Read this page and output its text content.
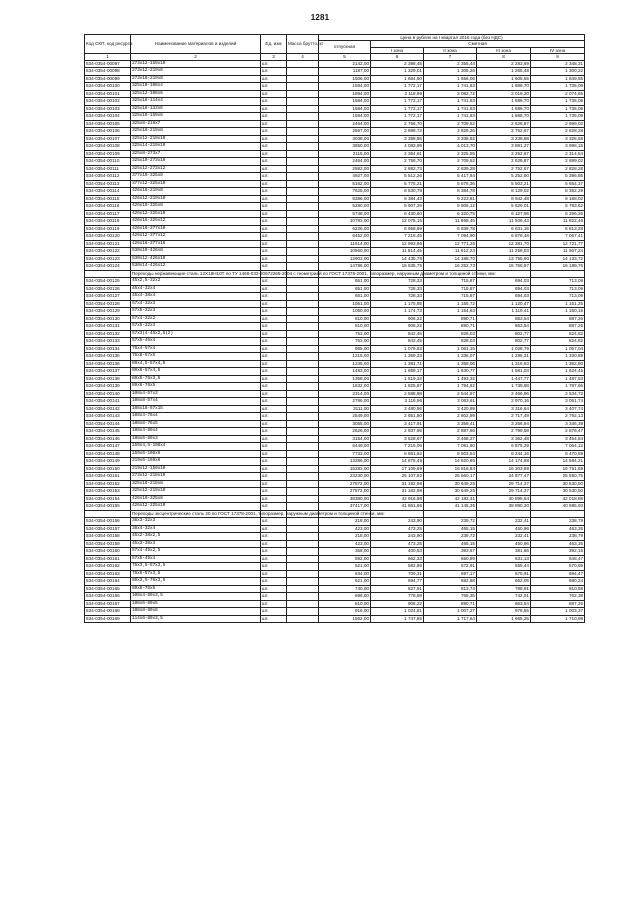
1281
Код СКП, код ресурса	Наименование материалов и изделий	Ед. изм	Масса брутто, кг	Цена в рублях на I квартал 2016 года (без НДС)				
				отпускная	Сметная			
					I зона	II зона	III зона	IV зона
1	2	3	4	5	6	7	8	9
534-0354-00097	273x12-159x10	шт.		2142,00	2 398,45	2 355,44	2 283,69	2 348,31
534-0354-00098	273x12-219x6	шт.		1187,00	1 329,01	1 305,26	1 265,48	1 300,22
534-0354-00099	273x10-219x8	шт.		1506,00	1 684,90	1 656,06	1 605,55	1 649,55
534-0354-00100	325x10-108x4	шт.		1584,00	1 772,17	1 741,83	1 688,70	1 735,09
534-0354-00101	325x12-108x6	шт.		1894,00	2 118,99	2 082,72	2 019,20	2 074,65
534-0354-00102	325x10-114x4	шт.		1584,00	1 772,17	1 741,83	1 688,70	1 735,09
534-0354-00103	325x10-133x6	шт.		1584,00	1 772,17	1 741,83	1 688,70	1 735,09
534-0354-00104	325x10-159x6	шт.		1584,00	1 772,17	1 741,83	1 688,70	1 735,09
534-0354-00105	325x8-219x7	шт.		2464,00	2 756,70	2 709,52	2 626,87	2 699,02
534-0354-00106	325x10-219x8	шт.		2567,00	2 888,72	2 826,26	2 752,67	2 828,28
534-0354-00107	325x12-219x10	шт.		3038,00	3 398,85	3 336,52	3 238,88	3 325,58
534-0354-00108	325x14-219x10	шт.		3650,00	4 083,99	4 013,70	3 891,27	3 998,15
534-0354-00109	325x8-273x7	шт.		2115,00	2 364,61	2 325,55	2 252,67	2 314,54
534-0354-00110	325x10-273x10	шт.		2464,00	2 756,70	2 709,52	2 626,87	2 699,02
534-0354-00111	325x12-273x12	шт.		2582,00	2 882,73	2 839,28	2 752,67	2 828,28
534-0354-00112	377x10-325x8	шт.		4927,00	5 512,26	5 417,84	5 252,60	5 396,85
534-0354-00113	377x12-325x10	шт.		5162,00	5 775,21	5 676,36	5 503,21	5 654,37
534-0354-00114	426x10-219x8	шт.		7625,00	8 530,79	8 384,78	8 129,02	8 352,29
534-0354-00115	426x12-219x10	шт.		8386,00	9 384,43	9 223,81	8 942,48	9 188,02
534-0354-00116	426x10-325x8	шт.		5280,00	5 907,29	5 806,12	5 629,01	5 783,62
534-0354-00117	426x12-325x10	шт.		5748,00	6 430,60	6 320,75	6 127,95	6 296,26
534-0354-00118	426x16-325x12	шт.		10783,00	12 075,15	11 868,45	11 506,43	11 822,46
534-0354-00119	426x10-377x10	шт.		6226,00	6 958,69	6 839,78	6 631,15	6 813,28
534-0354-00120	426x12-377x12	шт.		6452,00	7 218,45	7 094,90	6 878,48	7 067,41
534-0354-00121	426x16-377x16	шт.		11614,00	12 993,66	12 771,26	12 381,70	12 721,77
534-0354-00122	530x10-426x8	шт.		10560,00	11 814,45	11 612,23	11 258,03	11 567,24
534-0354-00123	530x12-426x10	шт.		12903,00	14 435,78	14 188,70	13 755,90	14 133,72
534-0354-00124	530x14-426x12	шт.		14786,00	16 535,75	16 252,73	15 756,97	16 189,76
	Переходы нержавеющие сталь 12Х18Н10Т по ТУ 1468-033-20672265-2004 с геометрией по ГОСТ 17378-2001, типоразмер, наружным диаметром и толщиной стенки, мм:							
534-0354-00125	45x2,5-32x2	шт.		651,00	728,33	715,87	694,03	713,09
534-0354-00126	45x4-32x4	шт.		651,00	728,33	715,87	694,03	713,09
534-0354-00127	45x4-38x4	шт.		651,00	728,33	715,87	694,03	713,09
534-0354-00128	57x4-32x3	шт.		1051,00	1 175,85	1 155,72	1 120,47	1 151,25
534-0354-00129	57x5-32x3	шт.		1050,00	1 174,73	1 154,63	1 119,41	1 150,15
534-0354-00130	57x4-32x2	шт.		810,00	906,22	890,71	863,54	887,26
534-0354-00131	57x5-32x3	шт.		810,00	906,22	890,71	863,54	887,26
534-0354-00132	57x3(4-45x2,5(2)	шт.		753,00	842,45	828,03	802,77	824,82
534-0354-00133	57x5-45x4	шт.		753,00	842,45	828,03	802,77	824,82
534-0354-00134	76x4-57x4	шт.		965,00	1 079,63	1 061,15	1 028,79	1 057,04
534-0354-00135	76x8-57x5	шт.		1215,00	1 359,33	1 336,07	1 295,31	1 330,89
534-0354-00136	89x4,5-57x4,5	шт.		1235,00	1 381,71	1 358,06	1 316,63	1 352,80
534-0354-00137	89x6-57x4,5	шт.		1483,00	1 659,17	1 630,77	1 581,03	1 624,45
534-0354-00138	89x5-76x3,5	шт.		1358,00	1 519,32	1 493,32	1 447,77	1 487,53
534-0354-00139	89x6-76x5	шт.		1632,00	1 825,87	1 794,62	1 739,88	1 787,66
534-0354-00140	108x4-57x3	шт.		2314,00	2 588,88	2 544,57	2 466,96	2 534,72
534-0354-00141	108x8-57x4	шт.		2786,00	3 116,96	3 063,61	2 970,16	3 051,74
534-0354-00142	108x18-57x15	шт.		3111,00	3 480,56	3 420,99	3 316,64	3 407,74
534-0354-00143	108x4-76x4	шт.		2549,00	2 851,80	2 802,99	2 717,49	2 792,13
534-0354-00144	108x8-76x5	шт.		3055,00	3 417,91	3 359,41	3 256,94	3 346,39
534-0354-00145	108x4-89x4	шт.		2626,00	2 937,95	2 887,66	2 799,58	2 876,47
534-0354-00146	108x6-89x3	шт.		3154,00	3 528,67	3 468,27	3 362,48	3 454,84
534-0354-00147	159x4,5-108x4	шт.		6449,00	7 215,09	7 091,60	6 875,29	7 064,12
534-0354-00148	159x6-108x6	шт.		7733,00	8 651,62	8 503,54	8 244,16	8 470,59
534-0354-00149	219x6-159x6	шт.		13286,00	14 875,45	14 620,85	14 174,88	14 564,21
534-0354-00150	219x12-159x10	шт.		15283,00	17 109,69	16 816,84	16 303,89	16 751,69
534-0354-00151	273x12-219x10	шт.		23230,00	25 107,92	25 660,17	24 877,47	25 560,75
534-0354-00152	325x10-219x8	шт.		27872,00	31 182,98	30 649,25	29 714,37	30 530,50
534-0354-00153	325x12-219x10	шт.		27872,00	31 182,98	30 649,25	29 714,37	30 530,50
534-0354-00154	426x10-325x8	шт.		38380,00	42 916,98	42 182,31	40 895,64	42 018,88
534-0354-00155	426x12-325x10	шт.		37417,00	41 861,86	41 145,35	39 890,30	40 985,93
	Переходы эксцентрические сталь 20 по ГОСТ 17378-2001, типоразмер, наружным диаметром и толщиной стенки, мм:							
534-0354-00156	38x3-32x3	шт.		218,00	243,90	239,72	232,41	238,79
534-0354-00157	38x4-32x4	шт.		423,00	473,25	465,15	450,96	463,35
534-0354-00158	45x2-38x2,5	шт.		218,00	243,90	239,72	232,41	238,79
534-0354-00159	45x3-38x4	шт.		423,00	473,25	465,15	450,96	463,35
534-0354-00160	57x4-45x2,5	шт.		358,00	400,53	393,67	381,66	392,15
534-0354-00161	57x5-45x4	шт.		592,00	662,33	650,99	631,13	648,47
534-0354-00162	76x3,5-57x3,5	шт.		521,00	582,89	572,91	555,44	570,69
534-0354-00163	76x5-57x3,5	шт.		634,00	709,31	697,17	675,91	694,47
534-0354-00164	89x3,5-76x3,5	шт.		621,00	694,77	682,88	662,05	680,24
534-0354-00165	89x6-76x5	шт.		740,00	827,91	813,74	788,91	810,58
534-0354-00166	108x4-89x3,5	шт.		696,00	778,68	765,35	742,01	762,38
534-0354-00167	108x6-89x5	шт.		810,00	906,22	890,71	863,54	887,26
534-0354-00168	108x8-89x8	шт.		916,00	1 024,81	1 007,27	976,55	1 003,37
534-0354-00169	114x6-89x3,5	шт.		1562,00	1 747,55	1 717,64	1 665,25	1 710,98
